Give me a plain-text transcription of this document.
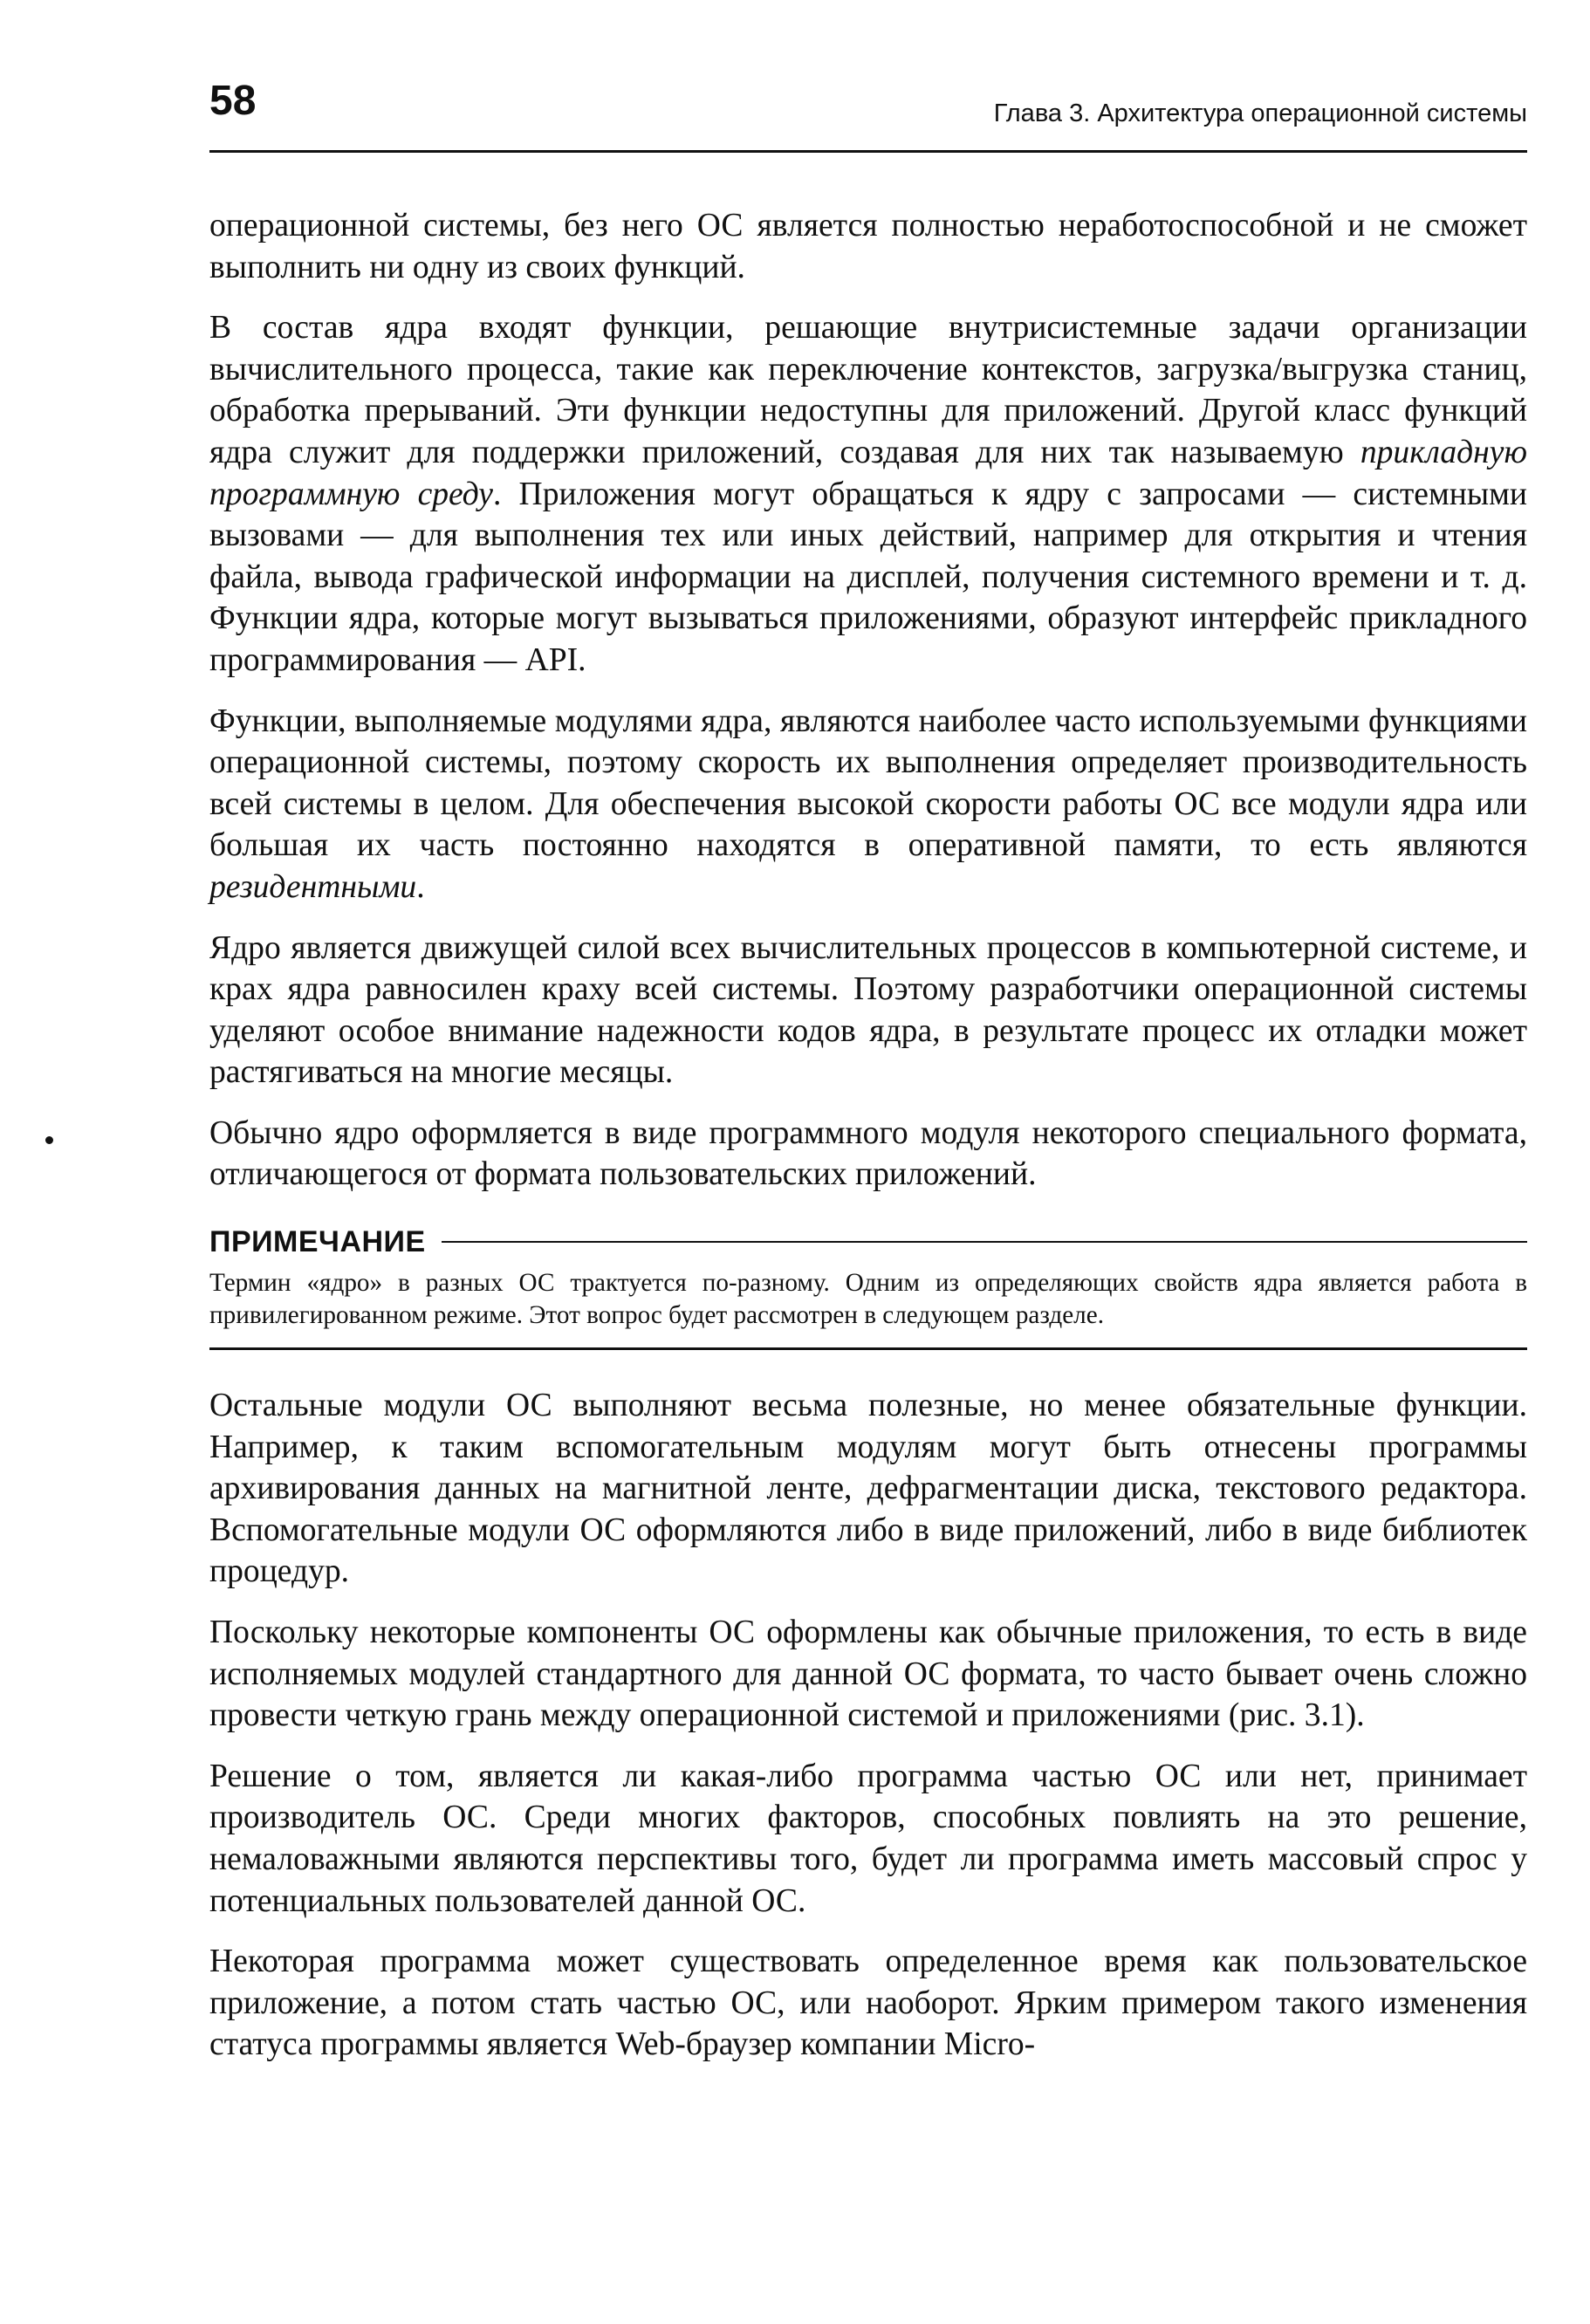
58	Глава 3. Архитектура операционной системы

операционной системы, без него ОС является полностью неработоспособной и не сможет выполнить ни одну из своих функций.

В состав ядра входят функции, решающие внутрисистемные задачи организации вычислительного процесса, такие как переключение контекстов, загрузка/выгрузка станиц, обработка прерываний. Эти функции недоступны для приложений. Другой класс функций ядра служит для поддержки приложений, создавая для них так называемую прикладную программную среду. Приложения могут обращаться к ядру с запросами — системными вызовами — для выполнения тех или иных действий, например для открытия и чтения файла, вывода графической информации на дисплей, получения системного времени и т. д. Функции ядра, которые могут вызываться приложениями, образуют интерфейс прикладного программирования — API.

Функции, выполняемые модулями ядра, являются наиболее часто используемыми функциями операционной системы, поэтому скорость их выполнения определяет производительность всей системы в целом. Для обеспечения высокой скорости работы ОС все модули ядра или большая их часть постоянно находятся в оперативной памяти, то есть являются резидентными.

Ядро является движущей силой всех вычислительных процессов в компьютерной системе, и крах ядра равносилен краху всей системы. Поэтому разработчики операционной системы уделяют особое внимание надежности кодов ядра, в результате процесс их отладки может растягиваться на многие месяцы.

Обычно ядро оформляется в виде программного модуля некоторого специального формата, отличающегося от формата пользовательских приложений.

ПРИМЕЧАНИЕ

Термин «ядро» в разных ОС трактуется по-разному. Одним из определяющих свойств ядра является работа в привилегированном режиме. Этот вопрос будет рассмотрен в следующем разделе.

Остальные модули ОС выполняют весьма полезные, но менее обязательные функции. Например, к таким вспомогательным модулям могут быть отнесены программы архивирования данных на магнитной ленте, дефрагментации диска, текстового редактора. Вспомогательные модули ОС оформляются либо в виде приложений, либо в виде библиотек процедур.

Поскольку некоторые компоненты ОС оформлены как обычные приложения, то есть в виде исполняемых модулей стандартного для данной ОС формата, то часто бывает очень сложно провести четкую грань между операционной системой и приложениями (рис. 3.1).

Решение о том, является ли какая-либо программа частью ОС или нет, принимает производитель ОС. Среди многих факторов, способных повлиять на это решение, немаловажными являются перспективы того, будет ли программа иметь массовый спрос у потенциальных пользователей данной ОС.

Некоторая программа может существовать определенное время как пользовательское приложение, а потом стать частью ОС, или наоборот. Ярким примером такого изменения статуса программы является Web-браузер компании Micro-
